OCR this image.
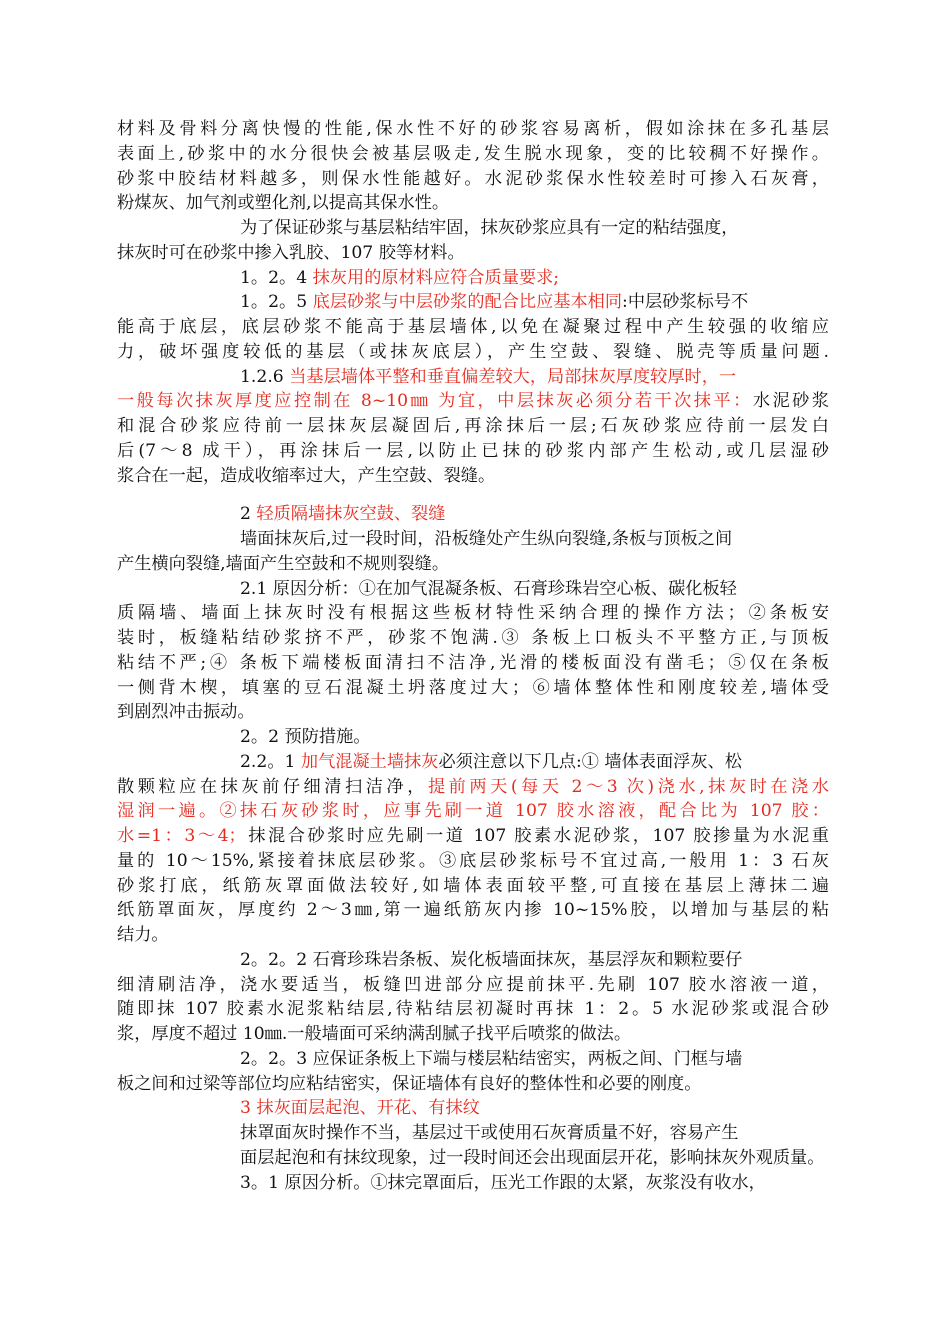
材料及骨料分离快慢的性能,保水性不好的砂浆容易离析，假如涂抹在多孔基层
表面上,砂浆中的水分很快会被基层吸走,发生脱水现象，变的比较稠不好操作。
砂浆中胶结材料越多，则保水性能越好。水泥砂浆保水性较差时可掺入石灰膏，
粉煤灰、加气剂或塑化剂,以提高其保水性。
为了保证砂浆与基层粘结牢固，抹灰砂浆应具有一定的粘结强度，
抹灰时可在砂浆中掺入乳胶、107 胶等材料。
1。2。4 抹灰用的原材料应符合质量要求;
1。2。5 底层砂浆与中层砂浆的配合比应基本相同:中层砂浆标号不
能高于底层，底层砂浆不能高于基层墙体,以免在凝聚过程中产生较强的收缩应
力，破坏强度较低的基层（或抹灰底层），产生空鼓、裂缝、脱壳等质量问题.
1.2.6 当基层墙体平整和垂直偏差较大，局部抹灰厚度较厚时，一
一般每次抹灰厚度应控制在 8~10㎜ 为宜，中层抹灰必须分若干次抹平：水泥砂浆
和混合砂浆应待前一层抹灰层凝固后,再涂抹后一层;石灰砂浆应待前一层发白
后(7～8 成干），再涂抹后一层,以防止已抹的砂浆内部产生松动,或几层湿砂
浆合在一起，造成收缩率过大，产生空鼓、裂缝。
2 轻质隔墙抹灰空鼓、裂缝
墙面抹灰后,过一段时间，沿板缝处产生纵向裂缝,条板与顶板之间
产生横向裂缝,墙面产生空鼓和不规则裂缝。
2.1 原因分析：①在加气混凝条板、石膏珍珠岩空心板、碳化板轻
质隔墙、墙面上抹灰时没有根据这些板材特性采纳合理的操作方法；②条板安
装时，板缝粘结砂浆挤不严，砂浆不饱满.③ 条板上口板头不平整方正,与顶板
粘结不严;④ 条板下端楼板面清扫不洁净,光滑的楼板面没有凿毛；⑤仅在条板
一侧背木楔，填塞的豆石混凝土坍落度过大；⑥墙体整体性和刚度较差,墙体受
到剧烈冲击振动。
2。2 预防措施。
2.2。1 加气混凝土墙抹灰必须注意以下几点:① 墙体表面浮灰、松
散颗粒应在抹灰前仔细清扫洁净，提前两天(每天 2～3 次)浇水,抹灰时在浇水
湿润一遍。②抹石灰砂浆时，应事先刷一道 107 胶水溶液，配合比为 107 胶：
水=1：3～4；抹混合砂浆时应先刷一道 107 胶素水泥砂浆，107 胶掺量为水泥重
量的 10～15%,紧接着抹底层砂浆。③底层砂浆标号不宜过高,一般用 1：3 石灰
砂浆打底，纸筋灰罩面做法较好,如墙体表面较平整,可直接在基层上薄抹二遍
纸筋罩面灰，厚度约 2～3㎜,第一遍纸筋灰内掺 10~15%胶，以增加与基层的粘
结力。
2。2。2 石膏珍珠岩条板、炭化板墙面抹灰，基层浮灰和颗粒要仔
细清刷洁净，浇水要适当，板缝凹进部分应提前抹平.先刷 107 胶水溶液一道，
随即抹 107 胶素水泥浆粘结层,待粘结层初凝时再抹 1：2。5 水泥砂浆或混合砂
浆，厚度不超过 10㎜.一般墙面可采纳满刮腻子找平后喷浆的做法。
2。2。3 应保证条板上下端与楼层粘结密实，两板之间、门框与墙
板之间和过梁等部位均应粘结密实，保证墙体有良好的整体性和必要的刚度。
3 抹灰面层起泡、开花、有抹纹
抹罩面灰时操作不当，基层过干或使用石灰膏质量不好，容易产生
面层起泡和有抹纹现象，过一段时间还会出现面层开花，影响抹灰外观质量。
3。1 原因分析。①抹完罩面后，压光工作跟的太紧，灰浆没有收水，
